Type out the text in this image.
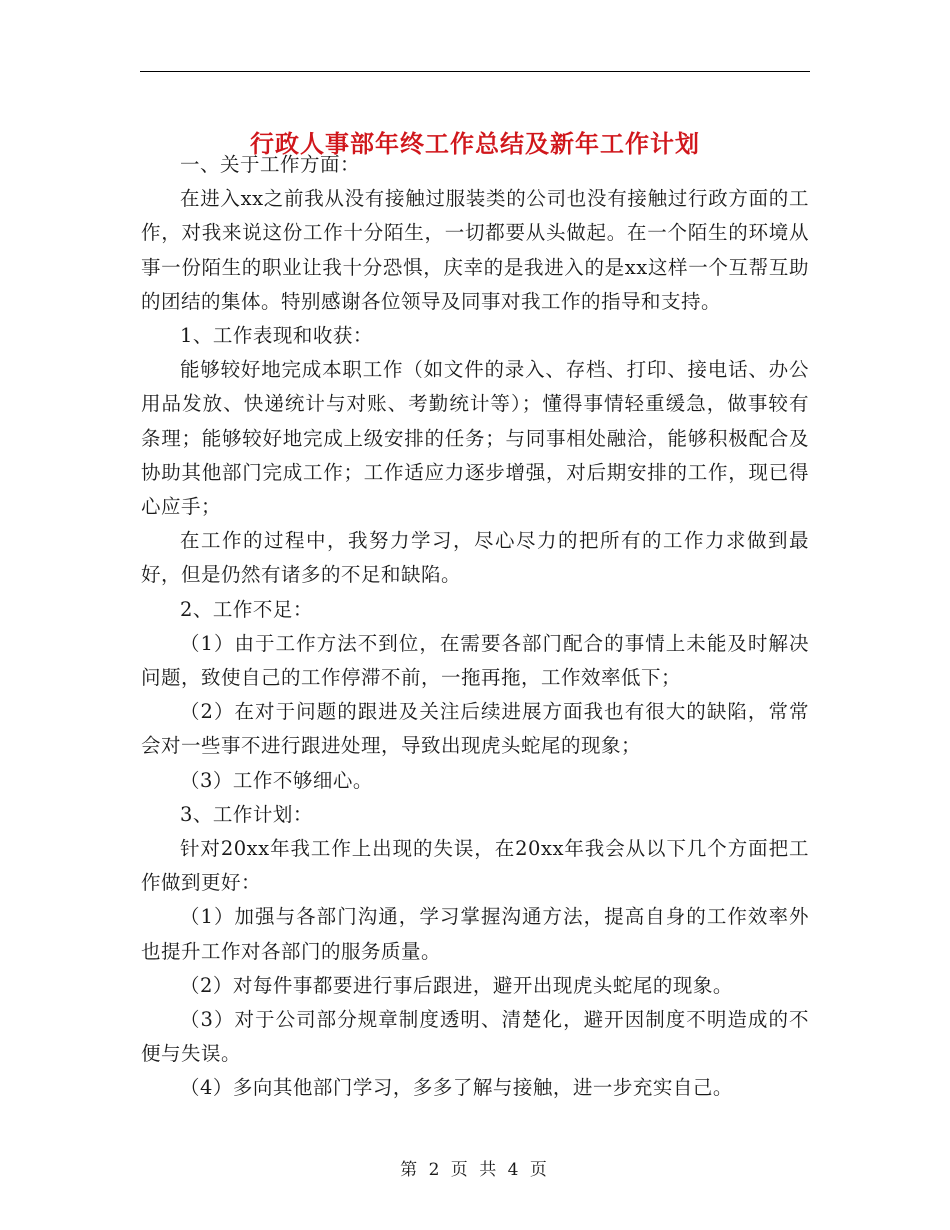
行政人事部年终工作总结及新年工作计划

一、关于工作方面：

在进入xx之前我从没有接触过服装类的公司也没有接触过行政方面的工作，对我来说这份工作十分陌生，一切都要从头做起。在一个陌生的环境从事一份陌生的职业让我十分恐惧，庆幸的是我进入的是xx这样一个互帮互助的团结的集体。特别感谢各位领导及同事对我工作的指导和支持。

1、工作表现和收获：

能够较好地完成本职工作（如文件的录入、存档、打印、接电话、办公用品发放、快递统计与对账、考勤统计等）；懂得事情轻重缓急，做事较有条理；能够较好地完成上级安排的任务；与同事相处融洽，能够积极配合及协助其他部门完成工作；工作适应力逐步增强，对后期安排的工作，现已得心应手；

在工作的过程中，我努力学习，尽心尽力的把所有的工作力求做到最好，但是仍然有诸多的不足和缺陷。

2、工作不足：

（1）由于工作方法不到位，在需要各部门配合的事情上未能及时解决问题，致使自己的工作停滞不前，一拖再拖，工作效率低下；

（2）在对于问题的跟进及关注后续进展方面我也有很大的缺陷，常常会对一些事不进行跟进处理，导致出现虎头蛇尾的现象；

（3）工作不够细心。

3、工作计划：

针对20xx年我工作上出现的失误，在20xx年我会从以下几个方面把工作做到更好：

（1）加强与各部门沟通，学习掌握沟通方法，提高自身的工作效率外也提升工作对各部门的服务质量。

（2）对每件事都要进行事后跟进，避开出现虎头蛇尾的现象。

（3）对于公司部分规章制度透明、清楚化，避开因制度不明造成的不便与失误。

（4）多向其他部门学习，多多了解与接触，进一步充实自己。

第 2 页 共 4 页
